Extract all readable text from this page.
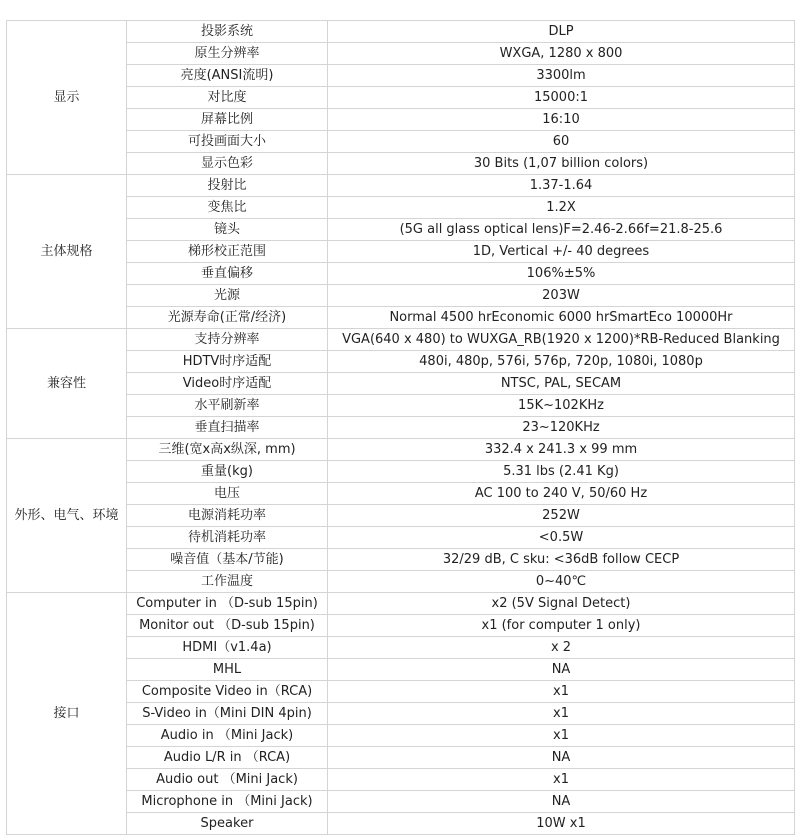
显示	投影系统	DLP
	原生分辨率	WXGA, 1280 x 800
	亮度(ANSI流明)	3300lm
	对比度	15000:1
	屏幕比例	16:10
	可投画面大小	60
	显示色彩	30 Bits (1,07 billion colors)
主体规格	投射比	1.37-1.64
	变焦比	1.2X
	镜头	(5G all glass optical lens)F=2.46-2.66f=21.8-25.6
	梯形校正范围	1D, Vertical +/- 40 degrees
	垂直偏移	106%±5%
	光源	203W
	光源寿命(正常/经济)	Normal 4500 hrEconomic 6000 hrSmartEco 10000Hr
兼容性	支持分辨率	VGA(640 x 480) to WUXGA_RB(1920 x 1200)*RB-Reduced Blanking
	HDTV时序适配	480i, 480p, 576i, 576p, 720p, 1080i, 1080p
	Video时序适配	NTSC, PAL, SECAM
	水平刷新率	15K~102KHz
	垂直扫描率	23~120KHz
外形、电气、环境	三维(宽x高x纵深, mm)	332.4 x 241.3 x 99 mm
	重量(kg)	5.31 lbs (2.41 Kg)
	电压	AC 100 to 240 V, 50/60 Hz
	电源消耗功率	252W
	待机消耗功率	<0.5W
	噪音值（基本/节能)	32/29 dB, C sku: <36dB follow CECP
	工作温度	0~40℃
接口	Computer in （D-sub 15pin)	x2 (5V Signal Detect)
	Monitor out （D-sub 15pin)	x1 (for computer 1 only)
	HDMI（v1.4a)	x 2
	MHL	NA
	Composite Video in（RCA)	x1
	S-Video in（Mini DIN 4pin)	x1
	Audio in （Mini Jack)	x1
	Audio L/R in （RCA)	NA
	Audio out （Mini Jack)	x1
	Microphone in （Mini Jack)	NA
	Speaker	10W x1
